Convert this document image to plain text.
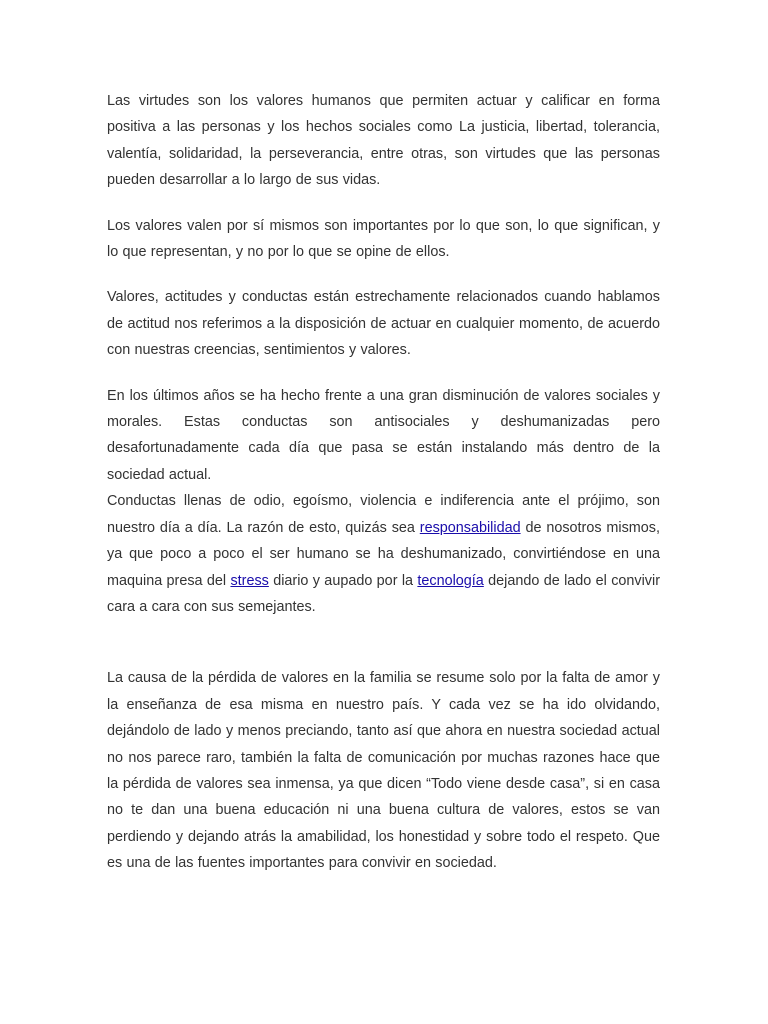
Las virtudes son los valores humanos que permiten actuar y calificar en forma positiva a las personas y los hechos sociales como La justicia, libertad, tolerancia, valentía, solidaridad, la perseverancia, entre otras, son virtudes que las personas pueden desarrollar a lo largo de sus vidas.

Los valores valen por sí mismos son importantes por lo que son, lo que significan, y lo que representan, y no por lo que se opine de ellos.

Valores, actitudes y conductas están estrechamente relacionados cuando hablamos de actitud nos referimos a la disposición de actuar en cualquier momento, de acuerdo con nuestras creencias, sentimientos y valores.

En los últimos años se ha hecho frente a una gran disminución de valores sociales y morales. Estas conductas son antisociales y deshumanizadas pero desafortunadamente cada día que pasa se están instalando más dentro de la sociedad actual.

Conductas llenas de odio, egoísmo, violencia e indiferencia ante el prójimo, son nuestro día a día. La razón de esto, quizás sea responsabilidad de nosotros mismos, ya que poco a poco el ser humano se ha deshumanizado, convirtiéndose en una maquina presa del stress diario y aupado por la tecnología dejando de lado el convivir cara a cara con sus semejantes.

La causa de la pérdida de valores en la familia se resume solo por la falta de amor y la enseñanza de esa misma en nuestro país. Y cada vez se ha ido olvidando, dejándolo de lado y menos preciando, tanto así que ahora en nuestra sociedad actual no nos parece raro, también la falta de comunicación por muchas razones hace que la pérdida de valores sea inmensa, ya que dicen “Todo viene desde casa”, si en casa no te dan una buena educación ni una buena cultura de valores, estos se van perdiendo y dejando atrás la amabilidad, los honestidad y sobre todo el respeto. Que es una de las fuentes importantes para convivir en sociedad.
